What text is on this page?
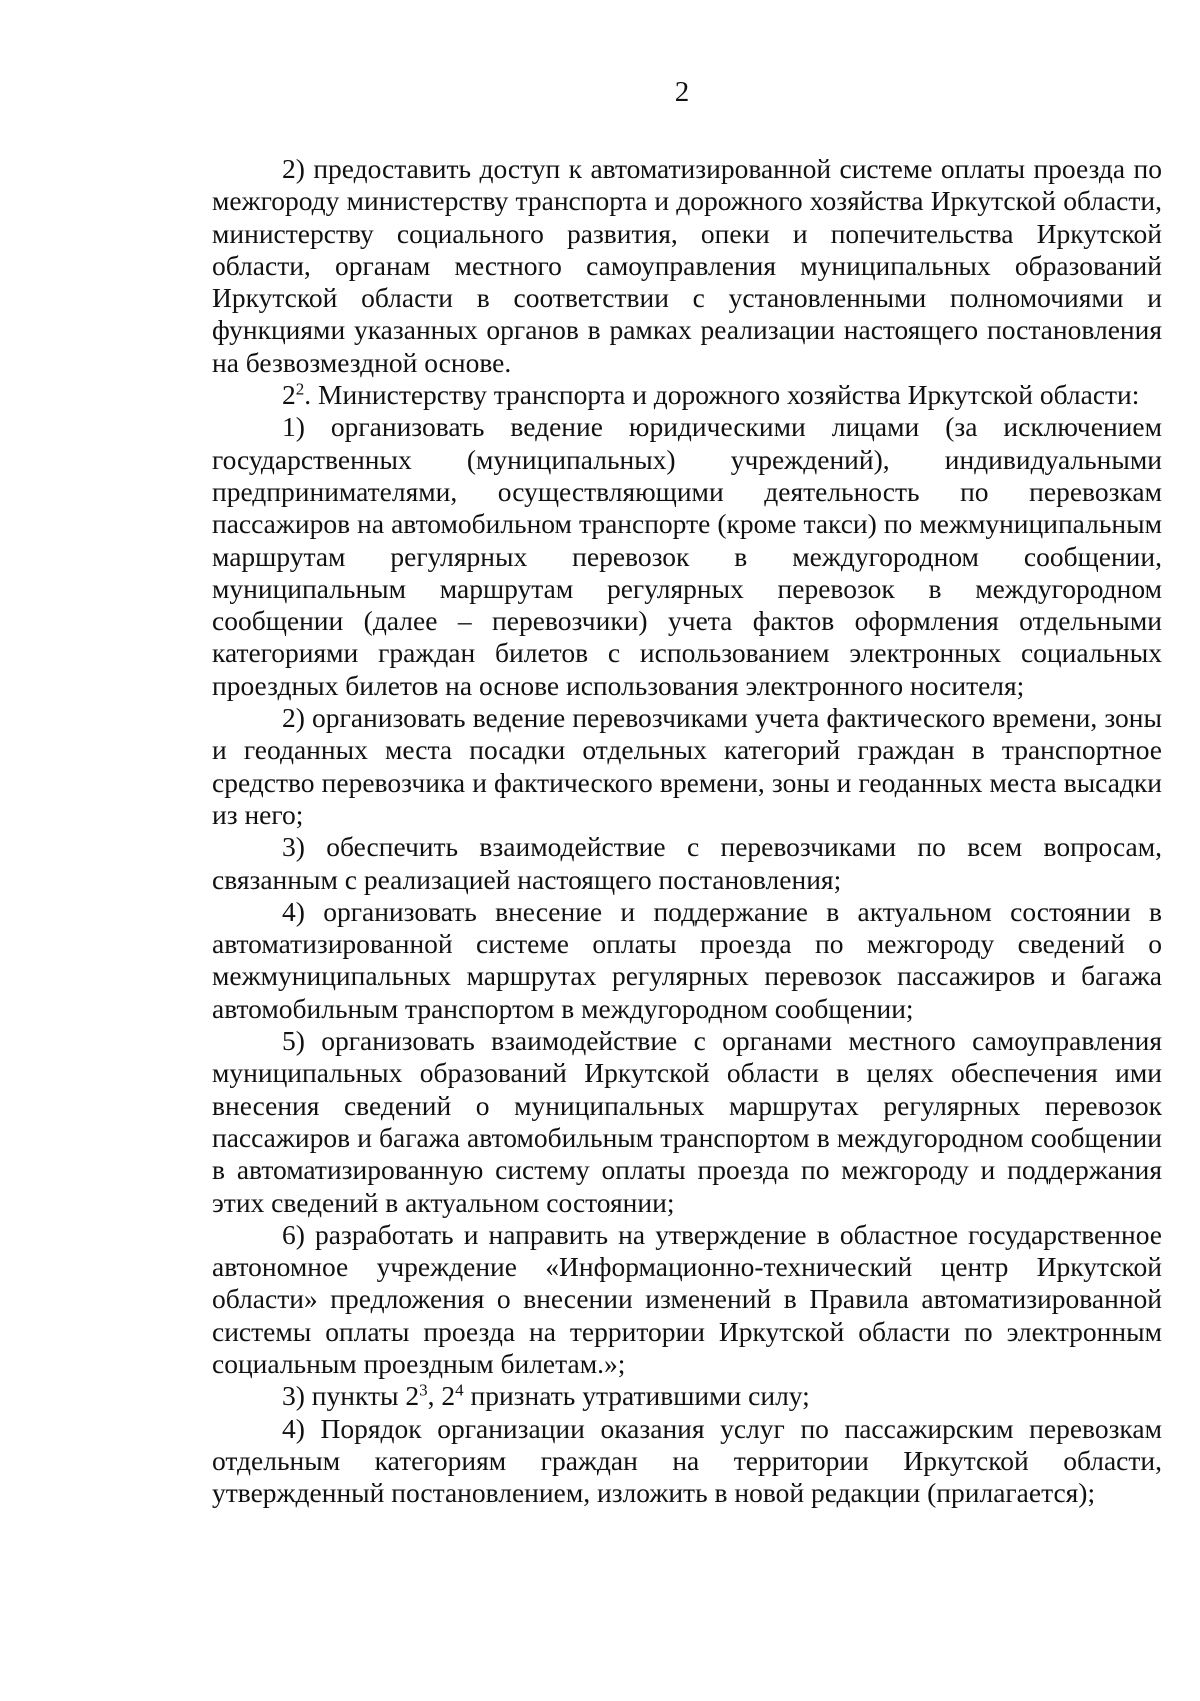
2

2) предоставить доступ к автоматизированной системе оплаты проезда по межгороду министерству транспорта и дорожного хозяйства Иркутской области, министерству социального развития, опеки и попечительства Иркутской области, органам местного самоуправления муниципальных образований Иркутской области в соответствии с установленными полномочиями и функциями указанных органов в рамках реализации настоящего постановления на безвозмездной основе.

$2^2$. Министерству транспорта и дорожного хозяйства Иркутской области:

1) организовать ведение юридическими лицами (за исключением государственных (муниципальных) учреждений), индивидуальными предпринимателями, осуществляющими деятельность по перевозкам пассажиров на автомобильном транспорте (кроме такси) по межмуниципальным маршрутам регулярных перевозок в междугородном сообщении, муниципальным маршрутам регулярных перевозок в междугородном сообщении (далее – перевозчики) учета фактов оформления отдельными категориями граждан билетов с использованием электронных социальных проездных билетов на основе использования электронного носителя;

2) организовать ведение перевозчиками учета фактического времени, зоны и геоданных места посадки отдельных категорий граждан в транспортное средство перевозчика и фактического времени, зоны и геоданных места высадки из него;

3) обеспечить взаимодействие с перевозчиками по всем вопросам, связанным с реализацией настоящего постановления;

4) организовать внесение и поддержание в актуальном состоянии в автоматизированной системе оплаты проезда по межгороду сведений о межмуниципальных маршрутах регулярных перевозок пассажиров и багажа автомобильным транспортом в междугородном сообщении;

5) организовать взаимодействие с органами местного самоуправления муниципальных образований Иркутской области в целях обеспечения ими внесения сведений о муниципальных маршрутах регулярных перевозок пассажиров и багажа автомобильным транспортом в междугородном сообщении в автоматизированную систему оплаты проезда по межгороду и поддержания этих сведений в актуальном состоянии;

6) разработать и направить на утверждение в областное государственное автономное учреждение «Информационно-технический центр Иркутской области» предложения о внесении изменений в Правила автоматизированной системы оплаты проезда на территории Иркутской области по электронным социальным проездным билетам.»;

3) пункты $2^3$, $2^4$ признать утратившими силу;

4) Порядок организации оказания услуг по пассажирским перевозкам отдельным категориям граждан на территории Иркутской области, утвержденный постановлением, изложить в новой редакции (прилагается);
